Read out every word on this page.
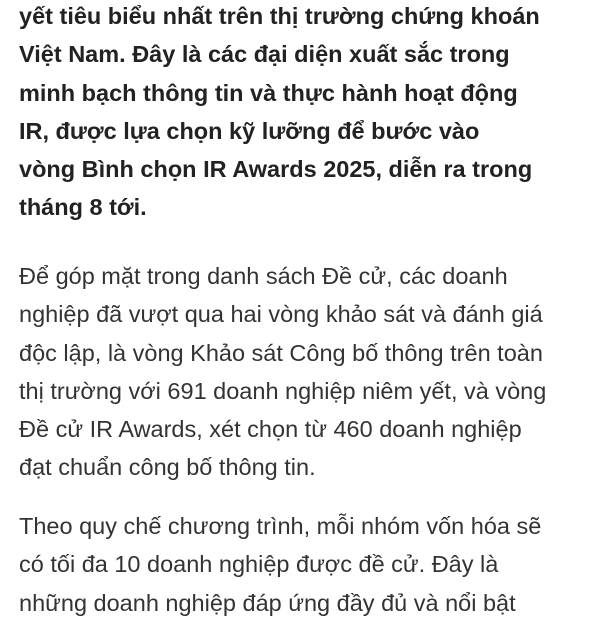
yết tiêu biểu nhất trên thị trường chứng khoán
Việt Nam. Đây là các đại diện xuất sắc trong
minh bạch thông tin và thực hành hoạt động
IR, được lựa chọn kỹ lưỡng để bước vào
vòng Bình chọn IR Awards 2025, diễn ra trong
tháng 8 tới.
Để góp mặt trong danh sách Đề cử, các doanh
nghiệp đã vượt qua hai vòng khảo sát và đánh giá
độc lập, là vòng Khảo sát Công bố thông trên toàn
thị trường với 691 doanh nghiệp niêm yết, và vòng
Đề cử IR Awards, xét chọn từ 460 doanh nghiệp
đạt chuẩn công bố thông tin.
Theo quy chế chương trình, mỗi nhóm vốn hóa sẽ
có tối đa 10 doanh nghiệp được đề cử. Đây là
những doanh nghiệp đáp ứng đầy đủ và nổi bật
